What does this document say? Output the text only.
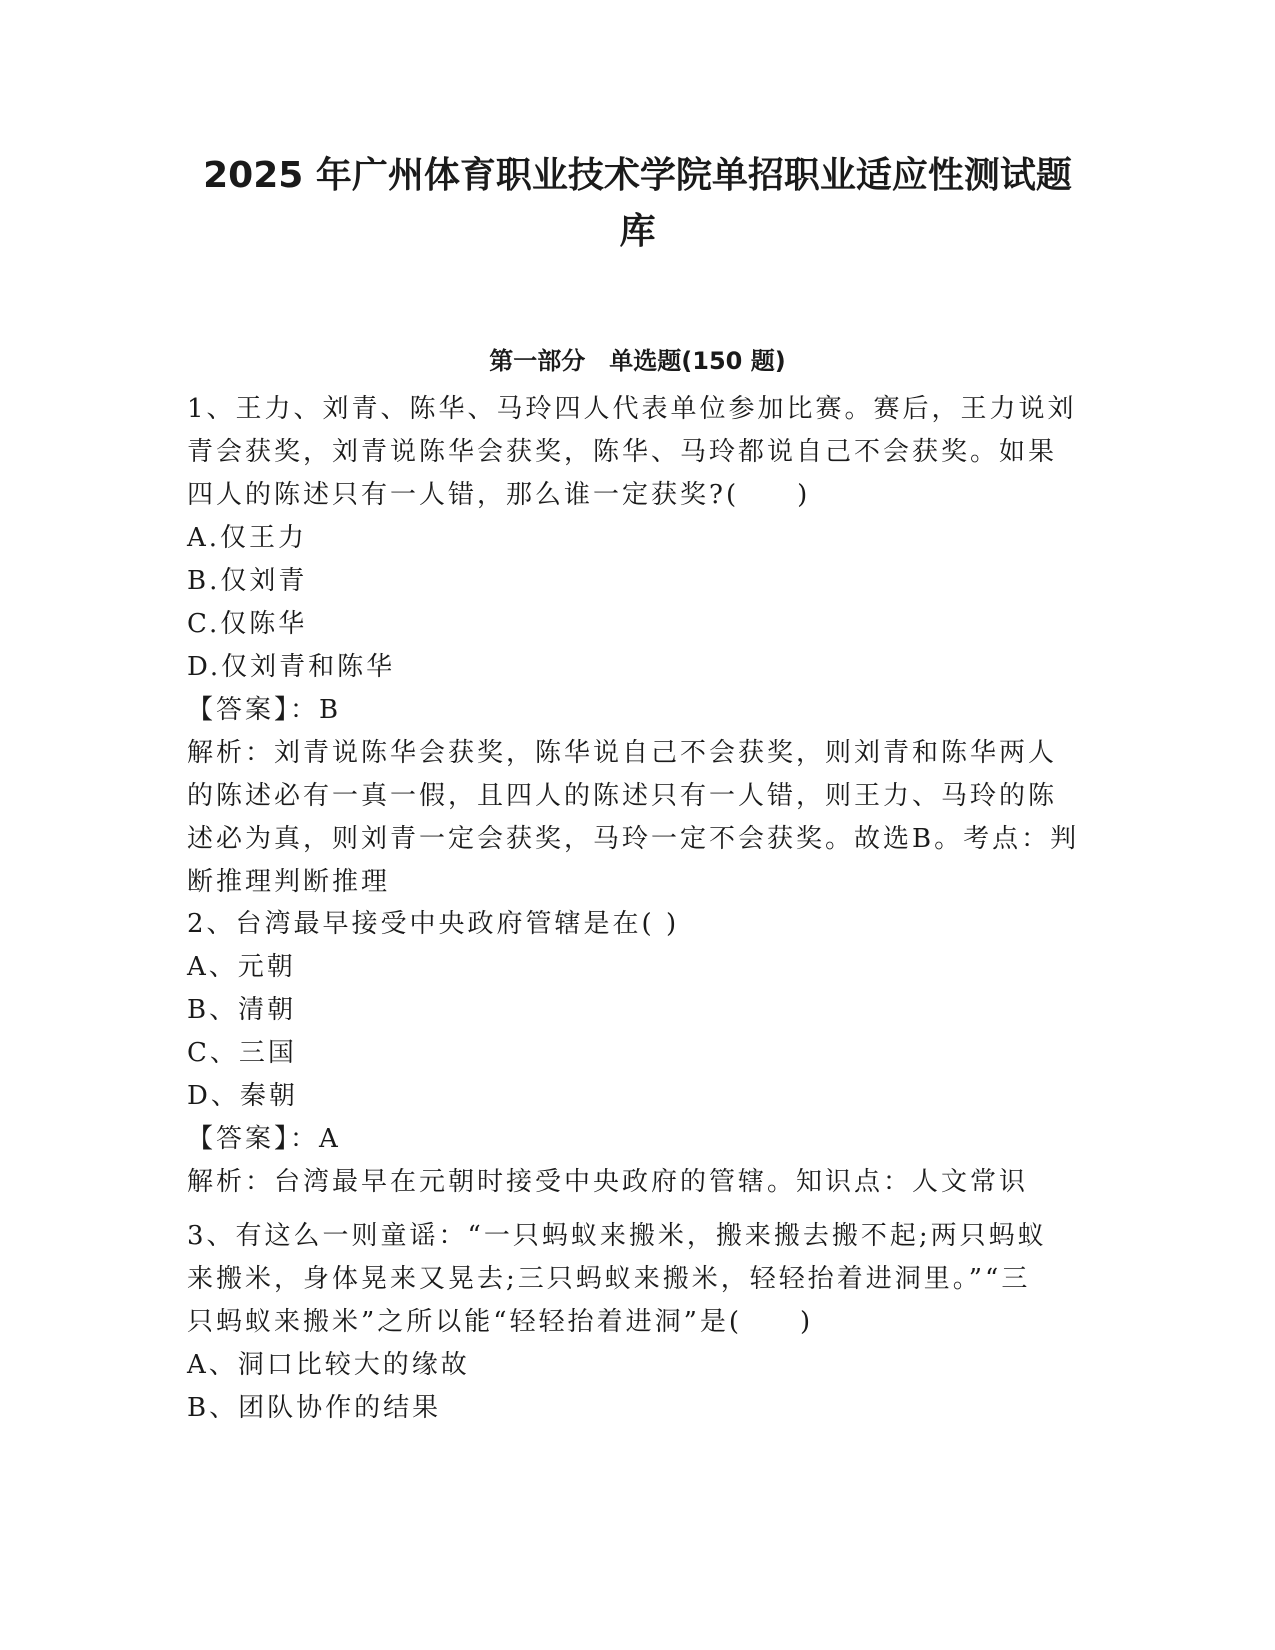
2025 年广州体育职业技术学院单招职业适应性测试题
库
第一部分　单选题(150 题)
1、王力、刘青、陈华、马玲四人代表单位参加比赛。赛后，王力说刘
青会获奖，刘青说陈华会获奖，陈华、马玲都说自己不会获奖。如果
四人的陈述只有一人错，那么谁一定获奖?(　　)
A.仅王力
B.仅刘青
C.仅陈华
D.仅刘青和陈华
【答案】：B
解析：刘青说陈华会获奖，陈华说自己不会获奖，则刘青和陈华两人
的陈述必有一真一假，且四人的陈述只有一人错，则王力、马玲的陈
述必为真，则刘青一定会获奖，马玲一定不会获奖。故选B。考点：判
断推理判断推理
2、台湾最早接受中央政府管辖是在( )
A、元朝
B、清朝
C、三国
D、秦朝
【答案】：A
解析：台湾最早在元朝时接受中央政府的管辖。知识点：人文常识
3、有这么一则童谣：“一只蚂蚁来搬米，搬来搬去搬不起;两只蚂蚁
来搬米，身体晃来又晃去;三只蚂蚁来搬米，轻轻抬着进洞里。”“三
只蚂蚁来搬米”之所以能“轻轻抬着进洞”是(　　)
A、洞口比较大的缘故
B、团队协作的结果
